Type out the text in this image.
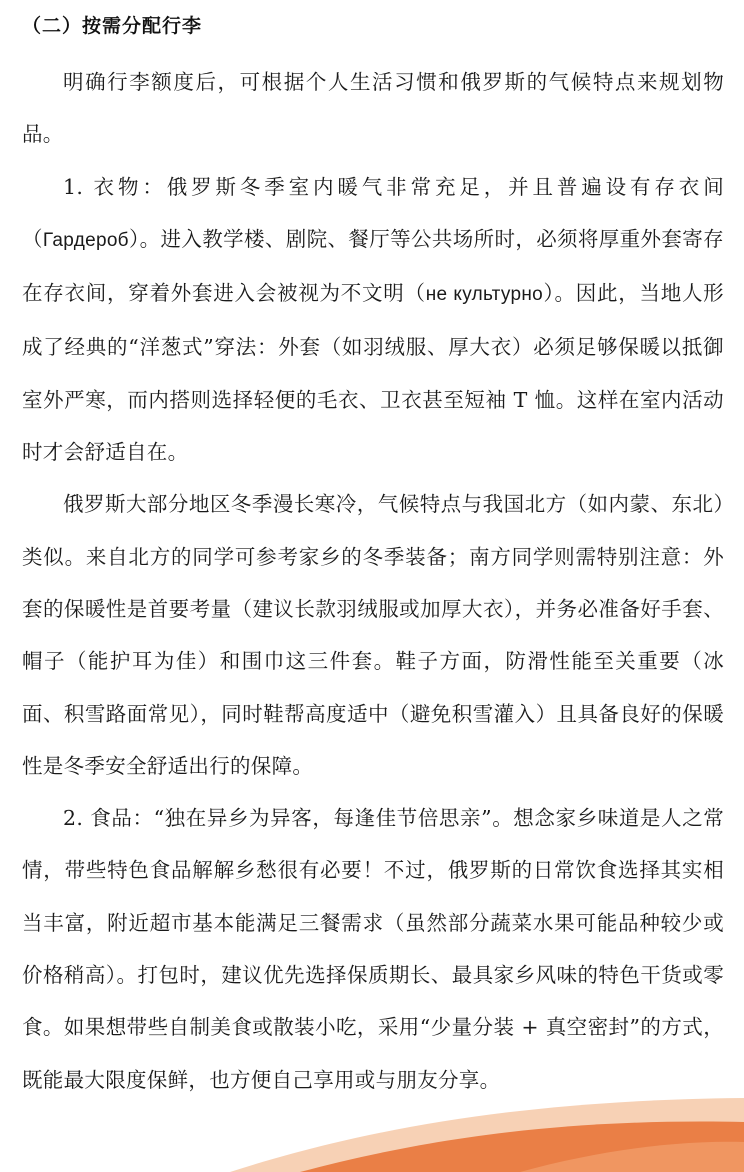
（二）按需分配行李

明确行李额度后，可根据个人生活习惯和俄罗斯的气候特点来规划物品。

1. 衣物：俄罗斯冬季室内暖气非常充足，并且普遍设有存衣间（Гардероб）。进入教学楼、剧院、餐厅等公共场所时，必须将厚重外套寄存在存衣间，穿着外套进入会被视为不文明（не культурно）。因此，当地人形成了经典的“洋葱式”穿法：外套（如羽绒服、厚大衣）必须足够保暖以抵御室外严寒，而内搭则选择轻便的毛衣、卫衣甚至短袖 T 恤。这样在室内活动时才会舒适自在。

俄罗斯大部分地区冬季漫长寒冷，气候特点与我国北方（如内蒙、东北）类似。来自北方的同学可参考家乡的冬季装备；南方同学则需特别注意：外套的保暖性是首要考量（建议长款羽绒服或加厚大衣），并务必准备好手套、帽子（能护耳为佳）和围巾这三件套。鞋子方面，防滑性能至关重要（冰面、积雪路面常见），同时鞋帮高度适中（避免积雪灌入）且具备良好的保暖性是冬季安全舒适出行的保障。

2. 食品：“独在异乡为异客，每逢佳节倍思亲”。想念家乡味道是人之常情，带些特色食品解解乡愁很有必要！不过，俄罗斯的日常饮食选择其实相当丰富，附近超市基本能满足三餐需求（虽然部分蔬菜水果可能品种较少或价格稍高）。打包时，建议优先选择保质期长、最具家乡风味的特色干货或零食。如果想带些自制美食或散装小吃，采用“少量分装 + 真空密封”的方式，既能最大限度保鲜，也方便自己享用或与朋友分享。
